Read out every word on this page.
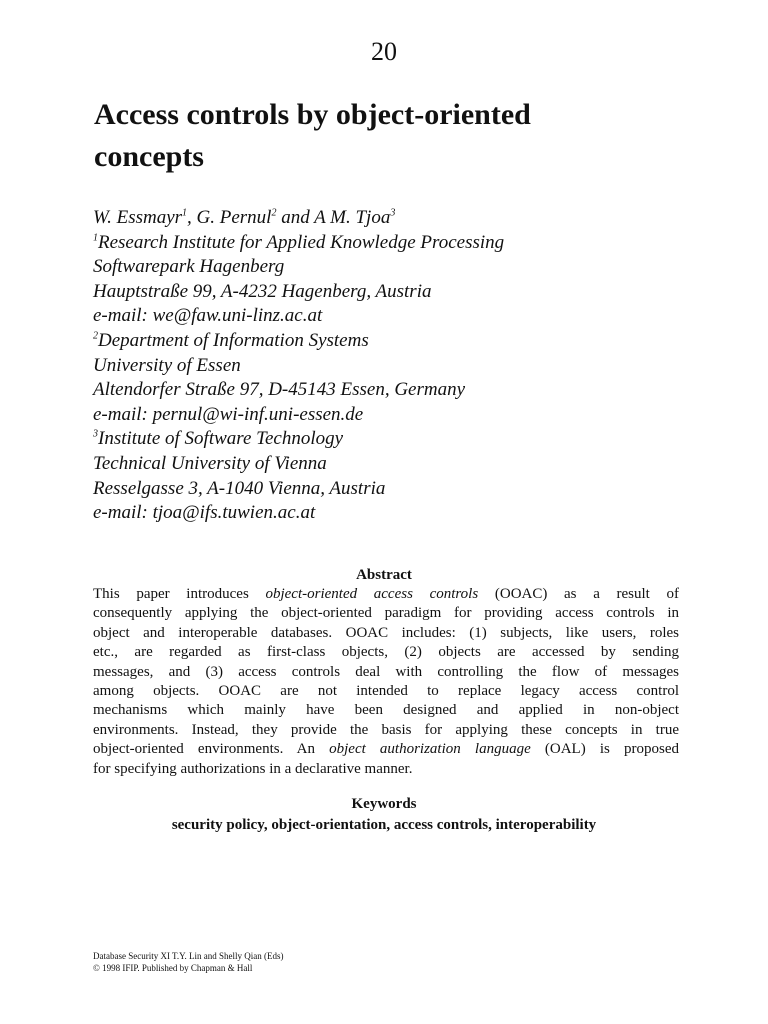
20
Access controls by object-oriented
concepts
W. Essmayr$^1$, G. Pernul$^2$ and A M. Tjoa$^3$
$^1$Research Institute for Applied Knowledge Processing
Softwarepark Hagenberg
Hauptstraße 99, A-4232 Hagenberg, Austria
e-mail: we@faw.uni-linz.ac.at
$^2$Department of Information Systems
University of Essen
Altendorfer Straße 97, D-45143 Essen, Germany
e-mail: pernul@wi-inf.uni-essen.de
$^3$Institute of Software Technology
Technical University of Vienna
Resselgasse 3, A-1040 Vienna, Austria
e-mail: tjoa@ifs.tuwien.ac.at
Abstract
This paper introduces object-oriented access controls (OOAC) as a result of
consequently applying the object-oriented paradigm for providing access controls in
object and interoperable databases. OOAC includes: (1) subjects, like users, roles
etc., are regarded as first-class objects, (2) objects are accessed by sending
messages, and (3) access controls deal with controlling the flow of messages
among objects. OOAC are not intended to replace legacy access control
mechanisms which mainly have been designed and applied in non-object
environments. Instead, they provide the basis for applying these concepts in true
object-oriented environments. An object authorization language (OAL) is proposed
for specifying authorizations in a declarative manner.
Keywords
security policy, object-orientation, access controls, interoperability
Database Security XI T.Y. Lin and Shelly Qian (Eds)
© 1998 IFIP. Published by Chapman & Hall
